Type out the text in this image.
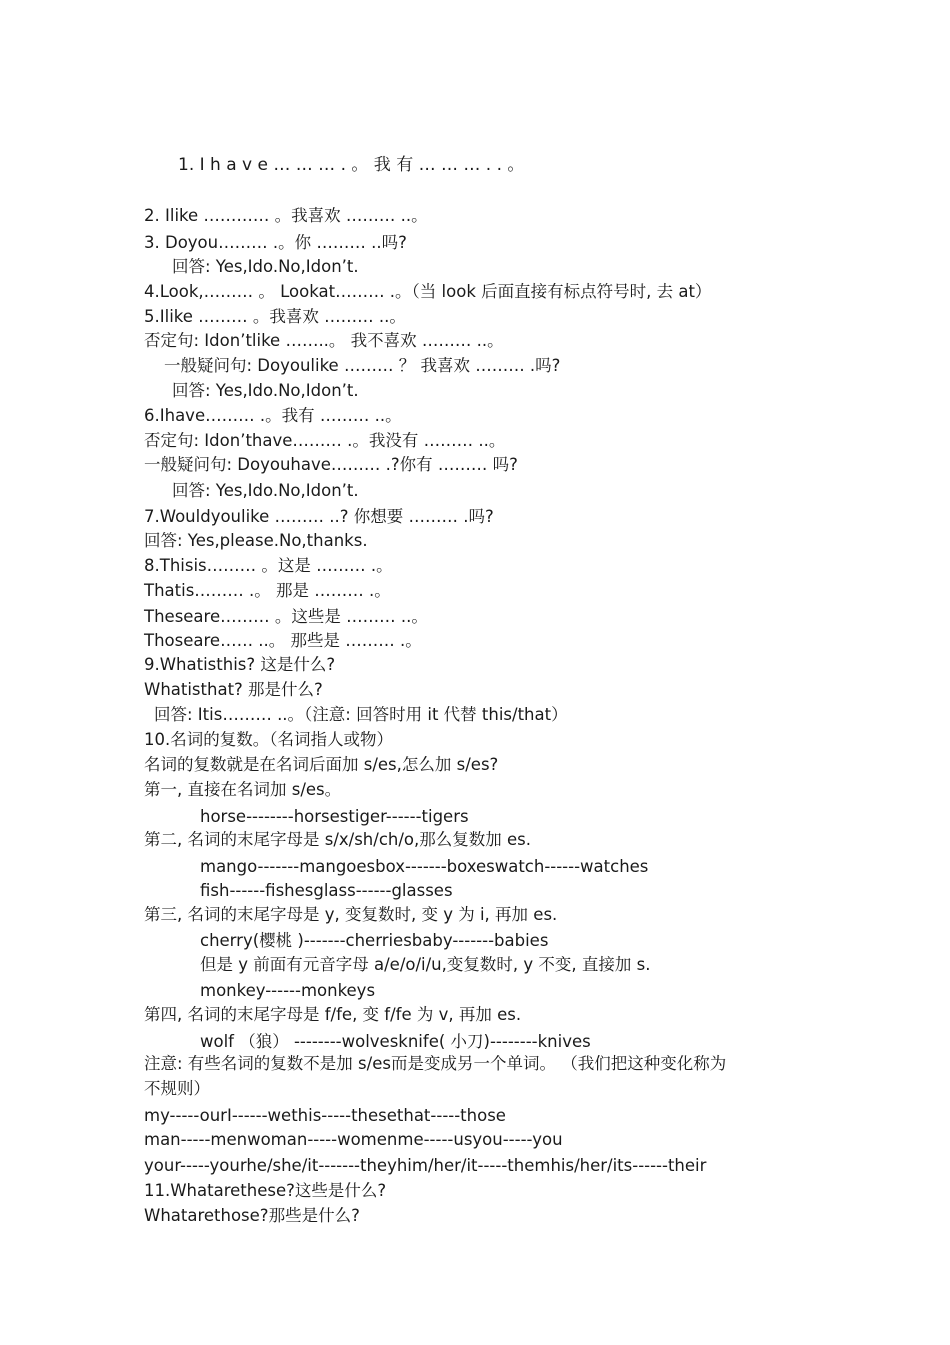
1. I h a v e … … … . 。 我 有 … … … . . 。
2. Ilike ………… 。我喜欢 ……… ..。
3. Doyou……… .。你 ……… ..吗?
回答: Yes,Ido.No,Idon’t.
4.Look,……… 。 Lookat……… .。（当 look 后面直接有标点符号时, 去 at）
5.Ilike ……… 。我喜欢 ……… ..。
否定句: Idon’tlike ……..。 我不喜欢 ……… ..。
一般疑问句: Doyoulike ……… ？ 我喜欢 ……… .吗?
回答: Yes,Ido.No,Idon’t.
6.Ihave……… .。我有 ……… ..。
否定句: Idon’thave……… .。我没有 ……… ..。
一般疑问句: Doyouhave……… .?你有 ……… 吗?
回答: Yes,Ido.No,Idon’t.
7.Wouldyoulike ……… ..? 你想要 ……… .吗?
回答: Yes,please.No,thanks.
8.Thisis……… 。这是 ……… .。
Thatis……… .。 那是 ……… .。
Theseare……… 。这些是 ……… ..。
Thoseare…… ..。 那些是 ……… .。
9.Whatisthis? 这是什么?
Whatisthat? 那是什么?
回答: Itis……… ..。（注意: 回答时用 it 代替 this/that）
10.名词的复数。（名词指人或物）
名词的复数就是在名词后面加 s/es,怎么加 s/es?
第一, 直接在名词加 s/es。
horse--------horsestiger------tigers
第二, 名词的末尾字母是 s/x/sh/ch/o,那么复数加 es.
mango-------mangoesbox-------boxeswatch------watches
fish------fishesglass------glasses
第三, 名词的末尾字母是 y, 变复数时, 变 y 为 i, 再加 es.
cherry(樱桃 )-------cherriesbaby-------babies
但是 y 前面有元音字母 a/e/o/i/u,变复数时, y 不变, 直接加 s.
monkey------monkeys
第四, 名词的末尾字母是 f/fe, 变 f/fe 为 v, 再加 es.
wolf （狼） --------wolvesknife( 小刀)--------knives
注意: 有些名词的复数不是加 s/es而是变成另一个单词。 （我们把这种变化称为
不规则）
my-----ourI------wethis-----thesethat-----those
man-----menwoman-----womenme-----usyou-----you
your-----yourhe/she/it-------theyhim/her/it-----themhis/her/its------their
11.Whatarethese?这些是什么?
Whatarethose?那些是什么?
